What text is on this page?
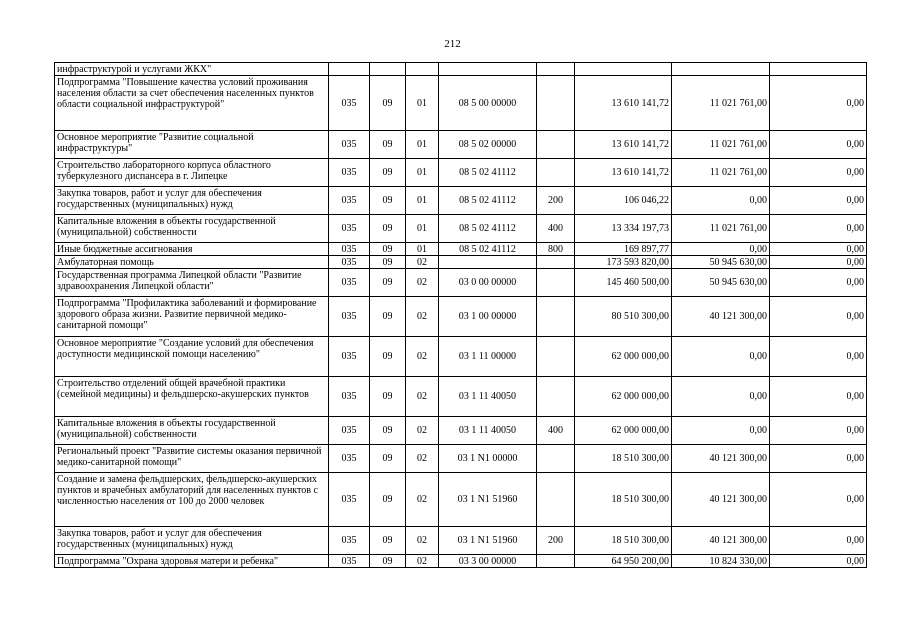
212
инфраструктурой и услугами ЖКХ"								
Подпрограмма "Повышение качества условий проживания населения области за счет обеспечения населенных пунктов области социальной инфраструктурой"	035	09	01	08 5 00 00000		13 610 141,72	11 021 761,00	0,00
Основное мероприятие "Развитие социальной инфраструктуры"	035	09	01	08 5 02 00000		13 610 141,72	11 021 761,00	0,00
Строительство лабораторного корпуса областного туберкулезного диспансера в г. Липецке	035	09	01	08 5 02 41112		13 610 141,72	11 021 761,00	0,00
Закупка товаров, работ и услуг для обеспечения государственных (муниципальных) нужд	035	09	01	08 5 02 41112	200	106 046,22	0,00	0,00
Капитальные вложения в объекты государственной (муниципальной) собственности	035	09	01	08 5 02 41112	400	13 334 197,73	11 021 761,00	0,00
Иные бюджетные ассигнования	035	09	01	08 5 02 41112	800	169 897,77	0,00	0,00
Амбулаторная помощь	035	09	02			173 593 820,00	50 945 630,00	0,00
Государственная программа Липецкой области "Развитие здравоохранения Липецкой области"	035	09	02	03 0 00 00000		145 460 500,00	50 945 630,00	0,00
Подпрограмма "Профилактика заболеваний и формирование здорового образа жизни. Развитие первичной медико-санитарной помощи"	035	09	02	03 1 00 00000		80 510 300,00	40 121 300,00	0,00
Основное мероприятие "Создание условий для обеспечения доступности медицинской помощи населению"	035	09	02	03 1 11 00000		62 000 000,00	0,00	0,00
Строительство отделений общей врачебной практики (семейной медицины) и фельдшерско-акушерских пунктов	035	09	02	03 1 11 40050		62 000 000,00	0,00	0,00
Капитальные вложения в объекты государственной (муниципальной) собственности	035	09	02	03 1 11 40050	400	62 000 000,00	0,00	0,00
Региональный проект "Развитие системы оказания первичной медико-санитарной помощи"	035	09	02	03 1 N1 00000		18 510 300,00	40 121 300,00	0,00
Создание и замена фельдшерских, фельдшерско-акушерских пунктов и врачебных амбулаторий для населенных пунктов с численностью населения от 100 до 2000 человек	035	09	02	03 1 N1 51960		18 510 300,00	40 121 300,00	0,00
Закупка товаров, работ и услуг для обеспечения государственных (муниципальных) нужд	035	09	02	03 1 N1 51960	200	18 510 300,00	40 121 300,00	0,00
Подпрограмма "Охрана здоровья матери и ребенка"	035	09	02	03 3 00 00000		64 950 200,00	10 824 330,00	0,00
